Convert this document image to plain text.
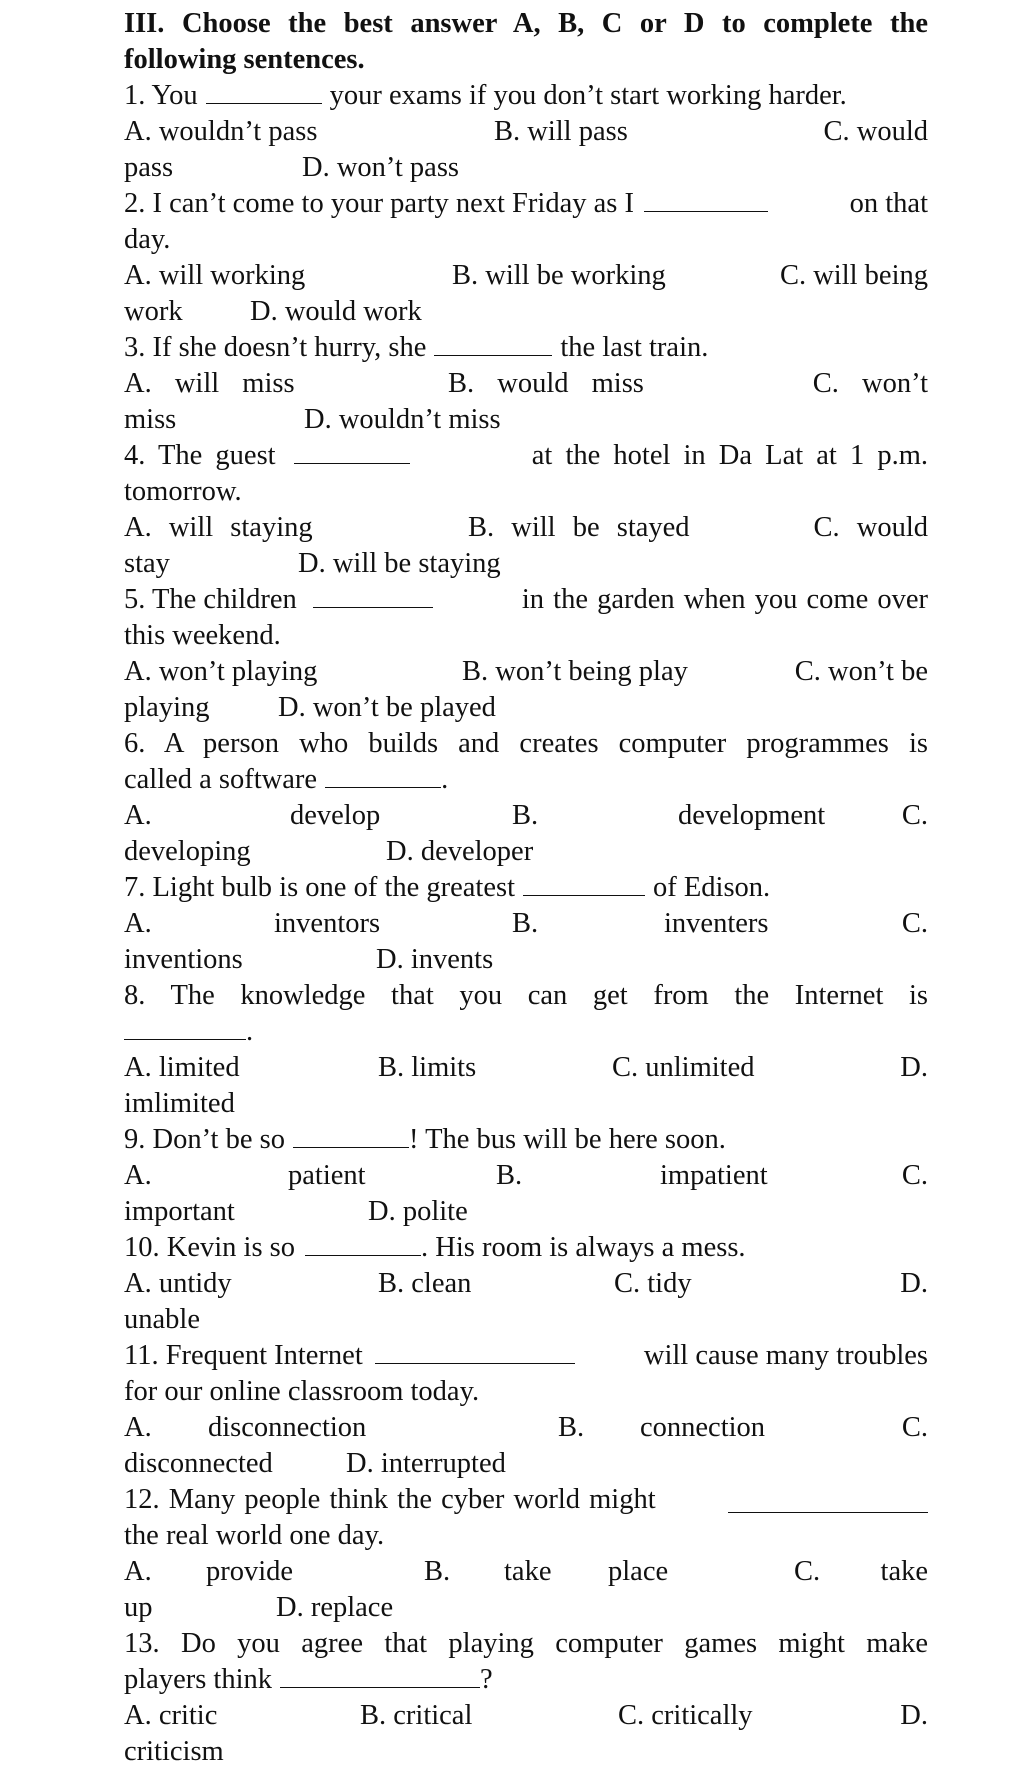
III. Choose the best answer A, B, C or D to complete the
following sentences.
1. You	your exams if you don’t start working harder.
A. wouldn’t pass	B. will pass	C. would
pass	D. won’t pass
2. I can’t come to your party next Friday as I	on that
day.
A. will working	B. will be working	C. will being
work D. would work
3. If she doesn’t hurry, she	the last train.
A. will miss	B. would miss	C. won’t
miss	D. wouldn’t miss
4. The guest	at the hotel in Da Lat at 1 p.m.
tomorrow.
A. will staying	B. will be stayed	C. would
stay	D. will be staying
5. The children	in the garden when you come over
this weekend.
A. won’t playing	B. won’t being play	C. won’t be
playing D. won’t be played
6. A person who builds and creates computer programmes is
called a software	.
A.	develop	B.	development	C.
developing	D. developer
7. Light bulb is one of the greatest	of Edison.
A.	inventors	B.	inventers	C.
inventions	D. invents
8. The knowledge that you can get from the Internet is
.
A. limited	B. limits	C. unlimited	D.
imlimited
9. Don’t be so	! The bus will be here soon.
A.	patient	B.	impatient	C.
important	D. polite
10. Kevin is so	. His room is always a mess.
A. untidy	B. clean	C. tidy	D.
unable
11. Frequent Internet	will cause many troubles
for our online classroom today.
A. disconnection	B. connection	C.
disconnected	D. interrupted
12. Many people think the cyber world might
the real world one day.
A. provide	B. take place	C. take
up	D. replace
13. Do you agree that playing computer games might make
players think	?
A. critic	B. critical	C. critically	D.
criticism
